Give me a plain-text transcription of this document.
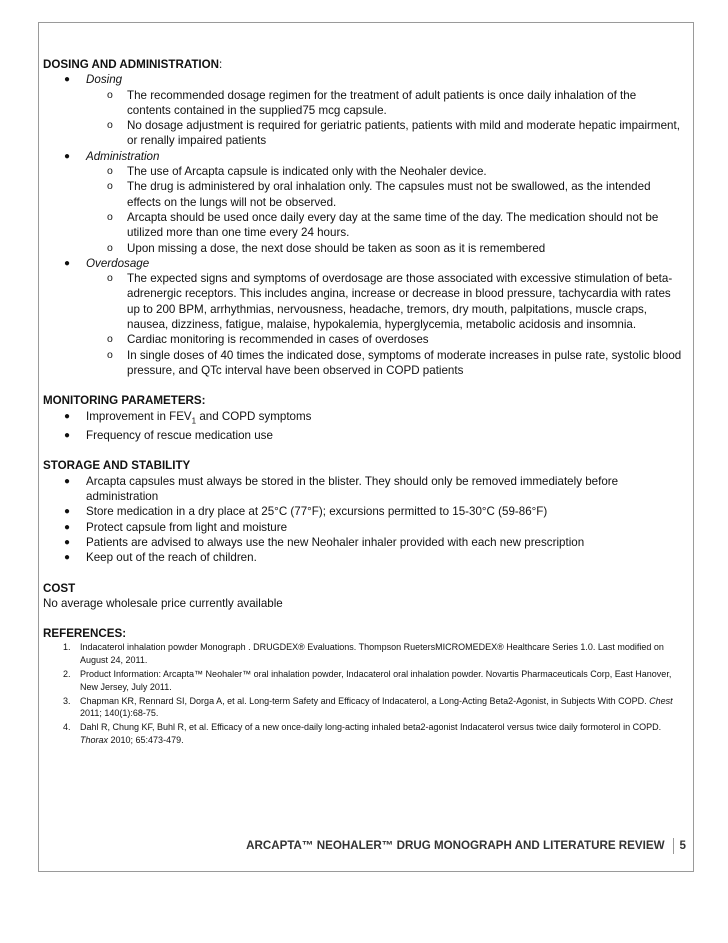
DOSING AND ADMINISTRATION:
● Dosing
o The recommended dosage regimen for the treatment of adult patients is once daily inhalation of the contents contained in the supplied75 mcg capsule.
o No dosage adjustment is required for geriatric patients, patients with mild and moderate hepatic impairment, or renally impaired patients
● Administration
o The use of Arcapta capsule is indicated only with the Neohaler device.
o The drug is administered by oral inhalation only. The capsules must not be swallowed, as the intended effects on the lungs will not be observed.
o Arcapta should be used once daily every day at the same time of the day. The medication should not be utilized more than one time every 24 hours.
o Upon missing a dose, the next dose should be taken as soon as it is remembered
● Overdosage
o The expected signs and symptoms of overdosage are those associated with excessive stimulation of beta-adrenergic receptors. This includes angina, increase or decrease in blood pressure, tachycardia with rates up to 200 BPM, arrhythmias, nervousness, headache, tremors, dry mouth, palpitations, muscle craps, nausea, dizziness, fatigue, malaise, hypokalemia, hyperglycemia, metabolic acidosis and insomnia.
o Cardiac monitoring is recommended in cases of overdoses
o In single doses of 40 times the indicated dose, symptoms of moderate increases in pulse rate, systolic blood pressure, and QTc interval have been observed in COPD patients
MONITORING PARAMETERS:
● Improvement in $FEV_1$ and COPD symptoms
● Frequency of rescue medication use
STORAGE AND STABILITY
● Arcapta capsules must always be stored in the blister. They should only be removed immediately before administration
● Store medication in a dry place at 25°C (77°F); excursions permitted to 15-30°C (59-86°F)
● Protect capsule from light and moisture
● Patients are advised to always use the new Neohaler inhaler provided with each new prescription
● Keep out of the reach of children.
COST
No average wholesale price currently available
REFERENCES:
1. Indacaterol inhalation powder Monograph . DRUGDEX® Evaluations. Thompson RuetersMICROMEDEX® Healthcare Series 1.0. Last modified on August 24, 2011.
2. Product Information: Arcapta™ Neohaler™ oral inhalation powder, Indacaterol oral inhalation powder. Novartis Pharmaceuticals Corp, East Hanover, New Jersey, July 2011.
3. Chapman KR, Rennard SI, Dorga A, et al. Long-term Safety and Efficacy of Indacaterol, a Long-Acting Beta2-Agonist, in Subjects With COPD. Chest 2011; 140(1):68-75.
4. Dahl R, Chung KF, Buhl R, et al. Efficacy of a new once-daily long-acting inhaled beta2-agonist Indacaterol versus twice daily formoterol in COPD. Thorax 2010; 65:473-479.
ARCAPTA™ NEOHALER™ DRUG MONOGRAPH AND LITERATURE REVIEW 5
